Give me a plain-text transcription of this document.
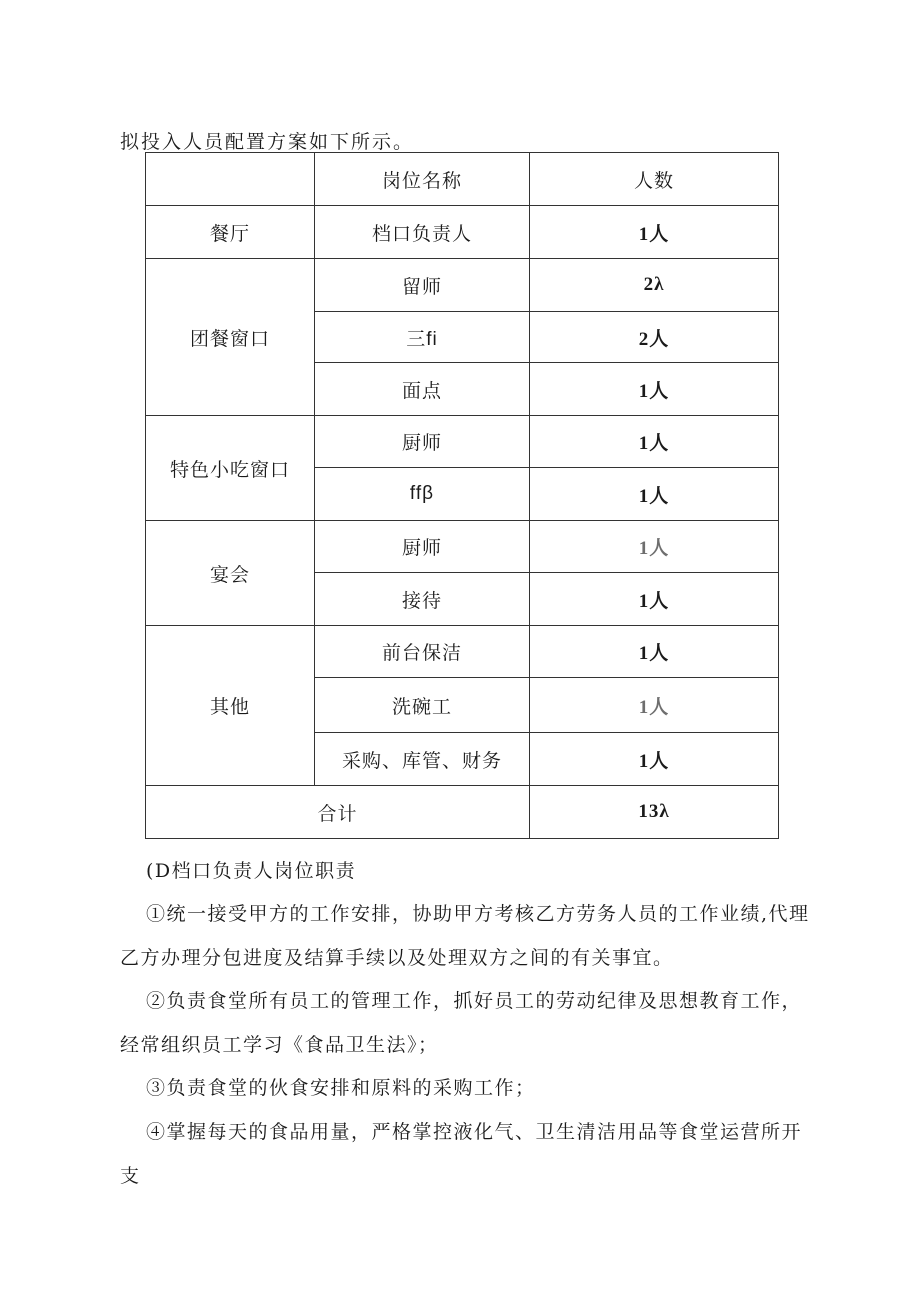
拟投入人员配置方案如下所示。

	岗位名称	人数
餐厅	档口负责人	1人
团餐窗口	留师	2λ
	三fi	2人
	面点	1人
特色小吃窗口	厨师	1人
	ffβ	1人
宴会	厨师	1人
	接待	1人
其他	前台保洁	1人
	洗碗工	1人
	采购、库管、财务	1人
合计		13λ

(D档口负责人岗位职责

①统一接受甲方的工作安排，协助甲方考核乙方劳务人员的工作业绩,代理乙方办理分包进度及结算手续以及处理双方之间的有关事宜。

②负责食堂所有员工的管理工作，抓好员工的劳动纪律及思想教育工作，经常组织员工学习《食品卫生法》；

③负责食堂的伙食安排和原料的采购工作；

④掌握每天的食品用量，严格掌控液化气、卫生清洁用品等食堂运营所开支
